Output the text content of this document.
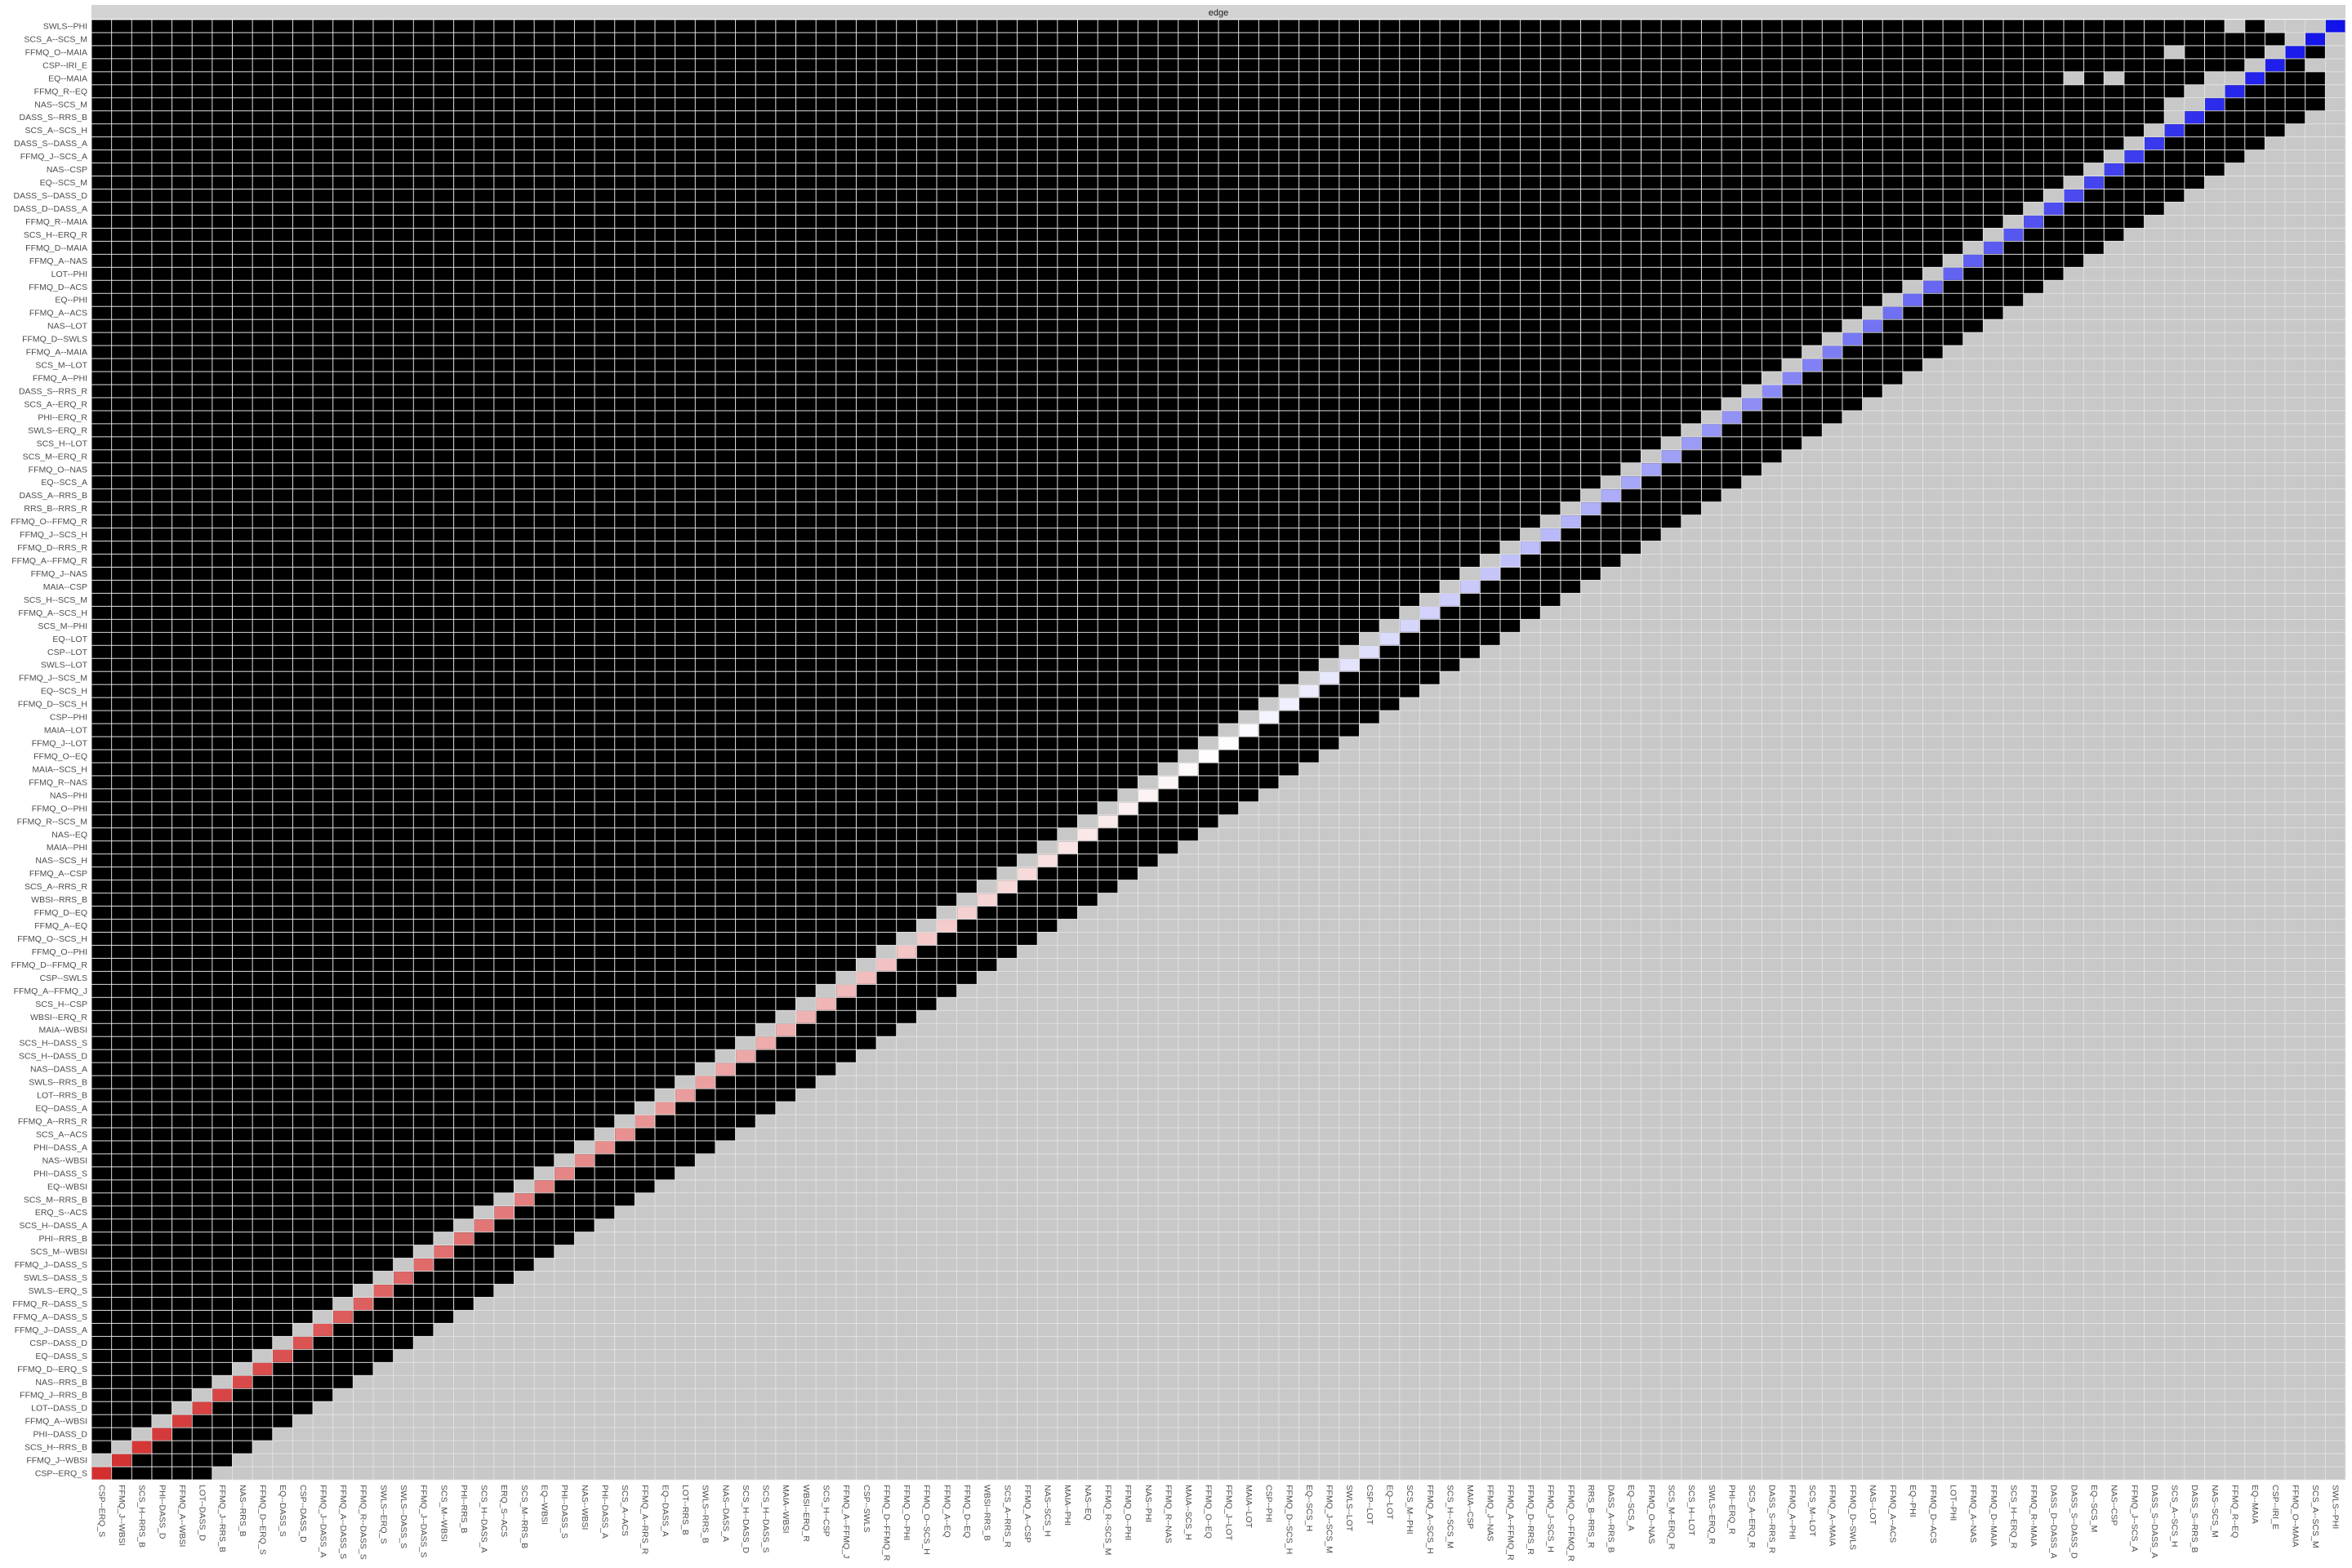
edge
SWLS--PHI
SCS_A--SCS_M
FFMQ_O--MAIA
CSP--IRI_E
EQ--MAIA
FFMQ_R--EQ
NAS--SCS_M
DASS_S--RRS_B
SCS_A--SCS_H
DASS_S--DASS_A
FFMQ_J--SCS_A
NAS--CSP
EQ--SCS_M
DASS_S--DASS_D
DASS_D--DASS_A
FFMQ_R--MAIA
SCS_H--ERQ_R
FFMQ_D--MAIA
FFMQ_A--NAS
LOT--PHI
FFMQ_D--ACS
EQ--PHI
FFMQ_A--ACS
NAS--LOT
FFMQ_D--SWLS
FFMQ_A--MAIA
SCS_M--LOT
FFMQ_A--PHI
DASS_S--RRS_R
SCS_A--ERQ_R
PHI--ERQ_R
SWLS--ERQ_R
SCS_H--LOT
SCS_M--ERQ_R
FFMQ_O--NAS
EQ--SCS_A
DASS_A--RRS_B
RRS_B--RRS_R
FFMQ_O--FFMQ_R
FFMQ_J--SCS_H
FFMQ_D--RRS_R
FFMQ_A--FFMQ_R
FFMQ_J--NAS
MAIA--CSP
SCS_H--SCS_M
FFMQ_A--SCS_H
SCS_M--PHI
EQ--LOT
CSP--LOT
SWLS--LOT
FFMQ_J--SCS_M
EQ--SCS_H
FFMQ_D--SCS_H
CSP--PHI
MAIA--LOT
FFMQ_J--LOT
FFMQ_O--EQ
MAIA--SCS_H
FFMQ_R--NAS
NAS--PHI
FFMQ_O--PHI
FFMQ_R--SCS_M
NAS--EQ
MAIA--PHI
NAS--SCS_H
FFMQ_A--CSP
SCS_A--RRS_R
WBSI--RRS_B
FFMQ_D--EQ
FFMQ_A--EQ
FFMQ_O--SCS_H
FFMQ_O--PHI
FFMQ_D--FFMQ_R
CSP--SWLS
FFMQ_A--FFMQ_J
SCS_H--CSP
WBSI--ERQ_R
MAIA--WBSI
SCS_H--DASS_S
SCS_H--DASS_D
NAS--DASS_A
SWLS--RRS_B
LOT--RRS_B
EQ--DASS_A
FFMQ_A--RRS_R
SCS_A--ACS
PHI--DASS_A
NAS--WBSI
PHI--DASS_S
EQ--WBSI
SCS_M--RRS_B
ERQ_S--ACS
SCS_H--DASS_A
PHI--RRS_B
SCS_M--WBSI
FFMQ_J--DASS_S
SWLS--DASS_S
SWLS--ERQ_S
FFMQ_R--DASS_S
FFMQ_A--DASS_S
FFMQ_J--DASS_A
CSP--DASS_D
EQ--DASS_S
FFMQ_D--ERQ_S
NAS--RRS_B
FFMQ_J--RRS_B
LOT--DASS_D
FFMQ_A--WBSI
PHI--DASS_D
SCS_H--RRS_B
FFMQ_J--WBSI
CSP--ERQ_S
CSP--ERQ_S FFMQ_J--WBSI SCS_H--RRS_B PHI--DASS_D FFMQ_A--WBSI LOT--DASS_D FFMQ_J--RRS_B NAS--RRS_B FFMQ_D--ERQ_S EQ--DASS_S CSP--DASS_D FFMQ_J--DASS_A FFMQ_A--DASS_S FFMQ_R--DASS_S SWLS--ERQ_S SWLS--DASS_S FFMQ_J--DASS_S SCS_M--WBSI PHI--RRS_B SCS_H--DASS_A ERQ_S--ACS SCS_M--RRS_B EQ--WBSI PHI--DASS_S NAS--WBSI PHI--DASS_A SCS_A--ACS FFMQ_A--RRS_R EQ--DASS_A LOT--RRS_B SWLS--RRS_B NAS--DASS_A SCS_H--DASS_D SCS_H--DASS_S MAIA--WBSI WBSI--ERQ_R SCS_H--CSP FFMQ_A--FFMQ_J CSP--SWLS FFMQ_D--FFMQ_R FFMQ_O--PHI FFMQ_O--SCS_H FFMQ_A--EQ FFMQ_D--EQ WBSI--RRS_B SCS_A--RRS_R FFMQ_A--CSP NAS--SCS_H MAIA--PHI NAS--EQ FFMQ_R--SCS_M FFMQ_O--PHI NAS--PHI FFMQ_R--NAS MAIA--SCS_H FFMQ_O--EQ FFMQ_J--LOT MAIA--LOT CSP--PHI FFMQ_D--SCS_H EQ--SCS_H FFMQ_J--SCS_M SWLS--LOT CSP--LOT EQ--LOT SCS_M--PHI FFMQ_A--SCS_H SCS_H--SCS_M MAIA--CSP FFMQ_J--NAS FFMQ_A--FFMQ_R FFMQ_D--RRS_R FFMQ_J--SCS_H FFMQ_O--FFMQ_R RRS_B--RRS_R DASS_A--RRS_B EQ--SCS_A FFMQ_O--NAS SCS_M--ERQ_R SCS_H--LOT SWLS--ERQ_R PHI--ERQ_R SCS_A--ERQ_R DASS_S--RRS_R FFMQ_A--PHI SCS_M--LOT FFMQ_A--MAIA FFMQ_D--SWLS NAS--LOT FFMQ_A--ACS EQ--PHI FFMQ_D--ACS LOT--PHI FFMQ_A--NAS FFMQ_D--MAIA SCS_H--ERQ_R FFMQ_R--MAIA DASS_D--DASS_A DASS_S--DASS_D EQ--SCS_M NAS--CSP FFMQ_J--SCS_A DASS_S--DASS_A SCS_A--SCS_H DASS_S--RRS_B NAS--SCS_M FFMQ_R--EQ EQ--MAIA CSP--IRI_E FFMQ_O--MAIA SCS_A--SCS_M SWLS--PHI
